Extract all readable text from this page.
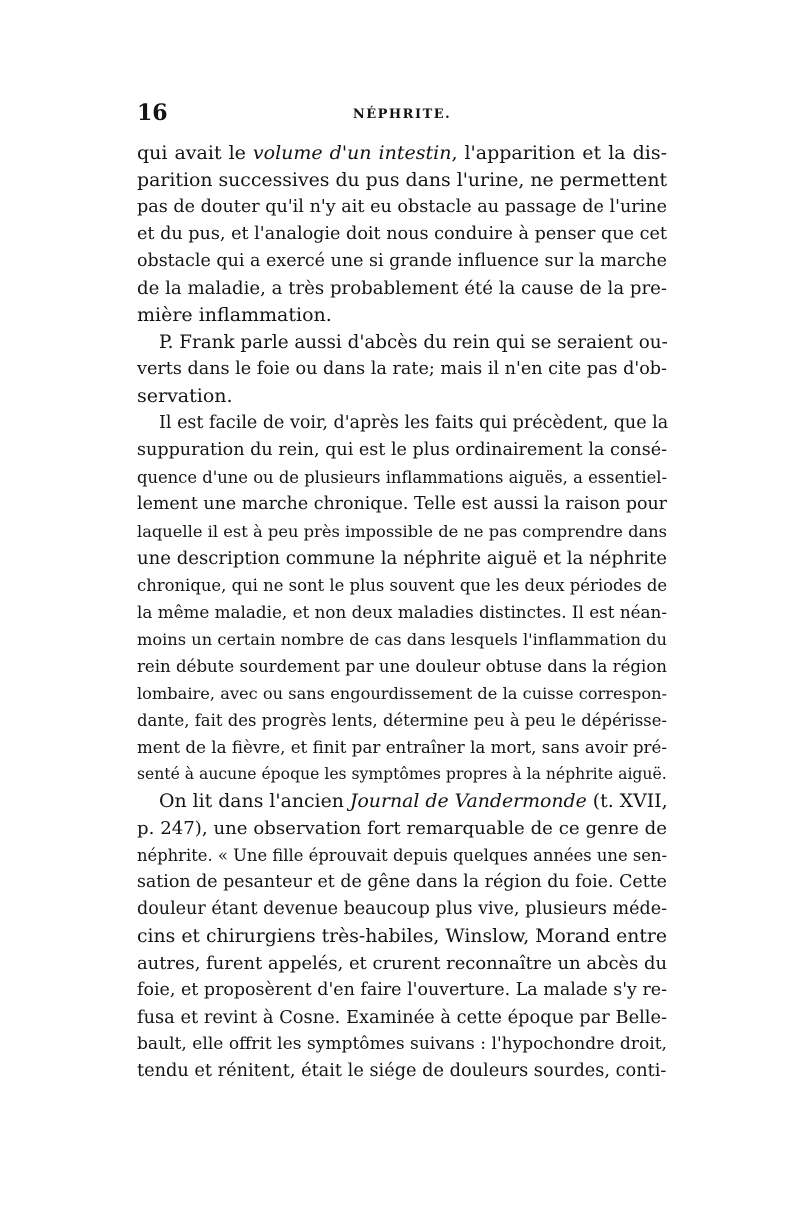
16	NÉPHRITE.
qui avait le volume d'un intestin, l'apparition et la dis-
parition successives du pus dans l'urine, ne permettent
pas de douter qu'il n'y ait eu obstacle au passage de l'urine
et du pus, et l'analogie doit nous conduire à penser que cet
obstacle qui a exercé une si grande influence sur la marche
de la maladie, a très probablement été la cause de la pre-
mière inflammation.
P. Frank parle aussi d'abcès du rein qui se seraient ou-
verts dans le foie ou dans la rate; mais il n'en cite pas d'ob-
servation.
Il est facile de voir, d'après les faits qui précèdent, que la
suppuration du rein, qui est le plus ordinairement la consé-
quence d'une ou de plusieurs inflammations aiguës, a essentiel-
lement une marche chronique. Telle est aussi la raison pour
laquelle il est à peu près impossible de ne pas comprendre dans
une description commune la néphrite aiguë et la néphrite
chronique, qui ne sont le plus souvent que les deux périodes de
la même maladie, et non deux maladies distinctes. Il est néan-
moins un certain nombre de cas dans lesquels l'inflammation du
rein débute sourdement par une douleur obtuse dans la région
lombaire, avec ou sans engourdissement de la cuisse correspon-
dante, fait des progrès lents, détermine peu à peu le dépérisse-
ment de la fièvre, et finit par entraîner la mort, sans avoir pré-
senté à aucune époque les symptômes propres à la néphrite aiguë.
On lit dans l'ancien Journal de Vandermonde (t. XVII,
p. 247), une observation fort remarquable de ce genre de
néphrite. « Une fille éprouvait depuis quelques années une sen-
sation de pesanteur et de gêne dans la région du foie. Cette
douleur étant devenue beaucoup plus vive, plusieurs méde-
cins et chirurgiens très-habiles, Winslow, Morand entre
autres, furent appelés, et crurent reconnaître un abcès du
foie, et proposèrent d'en faire l'ouverture. La malade s'y re-
fusa et revint à Cosne. Examinée à cette époque par Belle-
bault, elle offrit les symptômes suivans : l'hypochondre droit,
tendu et rénitent, était le siége de douleurs sourdes, conti-
